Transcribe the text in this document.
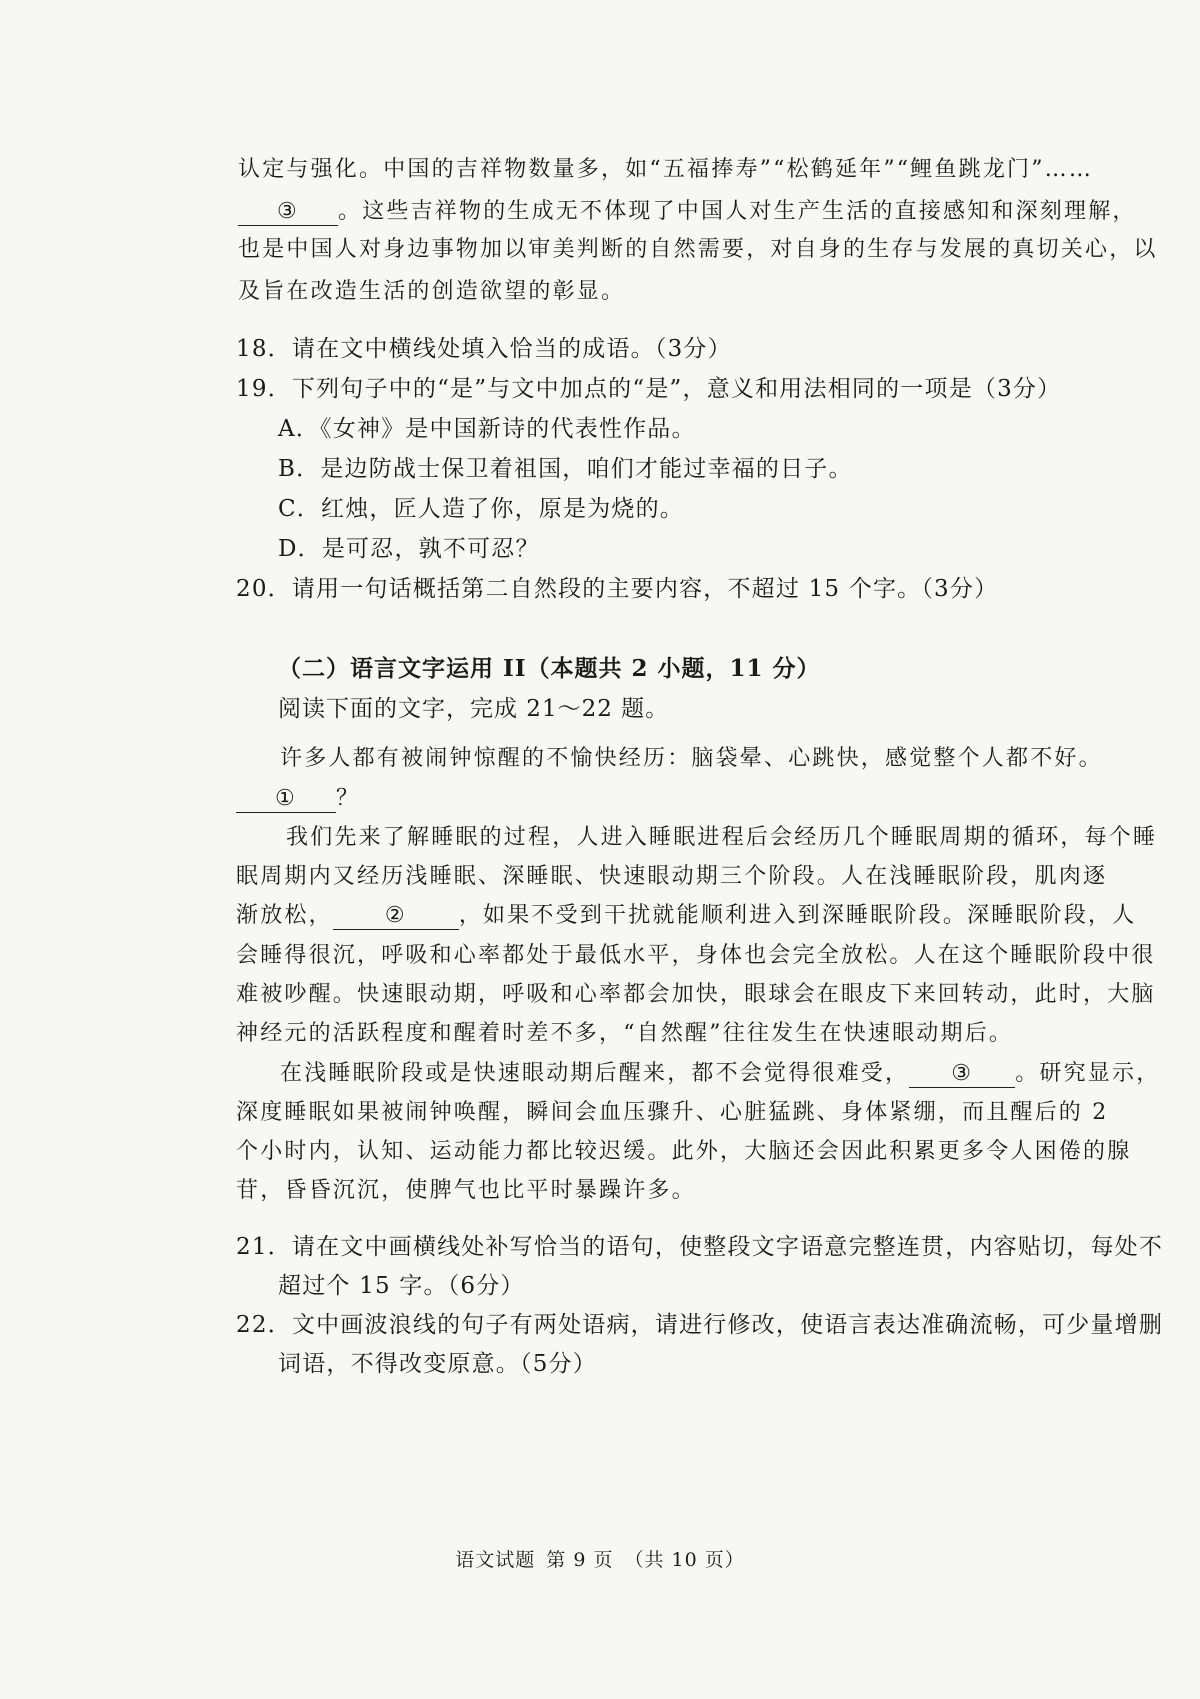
认定与强化。中国的吉祥物数量多，如“五福捧寿”“松鹤延年”“鲤鱼跳龙门”……
③ 。这些吉祥物的生成无不体现了中国人对生产生活的直接感知和深刻理解，
也是中国人对身边事物加以审美判断的自然需要，对自身的生存与发展的真切关心，以
及旨在改造生活的创造欲望的彰显。
18．请在文中横线处填入恰当的成语。（3分）
19．下列句子中的“是”与文中加点的“是”，意义和用法相同的一项是（3分）
A．《女神》是中国新诗的代表性作品。
B．是边防战士保卫着祖国，咱们才能过幸福的日子。
C．红烛，匠人造了你，原是为烧的。
D．是可忍，孰不可忍？
20．请用一句话概括第二自然段的主要内容，不超过 15 个字。（3分）
（二）语言文字运用 II（本题共 2 小题，11 分）
阅读下面的文字，完成 21～22 题。
许多人都有被闹钟惊醒的不愉快经历：脑袋晕、心跳快，感觉整个人都不好。
① ？
我们先来了解睡眠的过程，人进入睡眠进程后会经历几个睡眠周期的循环，每个睡
眠周期内又经历浅睡眠、深睡眠、快速眼动期三个阶段。人在浅睡眠阶段，肌肉逐
渐放松， ② ，如果不受到干扰就能顺利进入到深睡眠阶段。深睡眠阶段，人
会睡得很沉，呼吸和心率都处于最低水平，身体也会完全放松。人在这个睡眠阶段中很
难被吵醒。快速眼动期，呼吸和心率都会加快，眼球会在眼皮下来回转动，此时，大脑
神经元的活跃程度和醒着时差不多，“自然醒”往往发生在快速眼动期后。
在浅睡眠阶段或是快速眼动期后醒来，都不会觉得很难受， ③ 。研究显示，
深度睡眠如果被闹钟唤醒，瞬间会血压骤升、心脏猛跳、身体紧绷，而且醒后的 2
个小时内，认知、运动能力都比较迟缓。此外，大脑还会因此积累更多令人困倦的腺
苷，昏昏沉沉，使脾气也比平时暴躁许多。
21．请在文中画横线处补写恰当的语句，使整段文字语意完整连贯，内容贴切，每处不
超过个 15 字。（6分）
22．文中画波浪线的句子有两处语病，请进行修改，使语言表达准确流畅，可少量增删
词语，不得改变原意。（5分）
语文试题 第 9 页 （共 10 页）
